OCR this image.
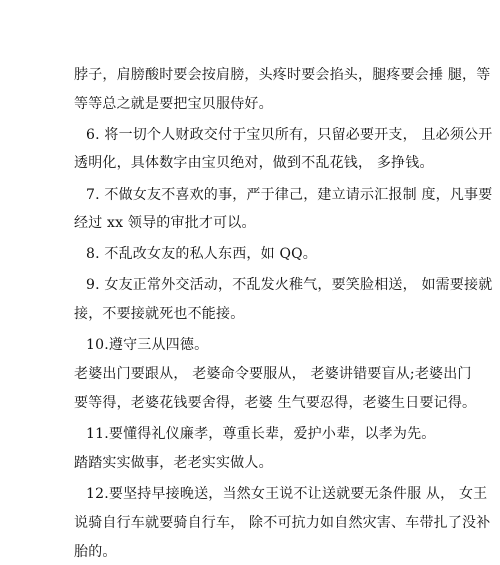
脖子，肩膀酸时要会按肩膀，头疼时要会掐头，腿疼要会捶 腿，等
等等总之就是要把宝贝服侍好。
6. 将一切个人财政交付于宝贝所有，只留必要开支， 且必须公开
透明化，具体数字由宝贝绝对，做到不乱花钱， 多挣钱。
7. 不做女友不喜欢的事，严于律己，建立请示汇报制 度，凡事要
经过 xx 领导的审批才可以。
8. 不乱改女友的私人东西，如 QQ。
9. 女友正常外交活动，不乱发火稚气，要笑脸相送， 如需要接就
接，不要接就死也不能接。
10.遵守三从四德。
老婆出门要跟从， 老婆命令要服从， 老婆讲错要盲从;老婆出门
要等得，老婆花钱要舍得，老婆 生气要忍得，老婆生日要记得。
11.要懂得礼仪廉孝，尊重长辈，爱护小辈，以孝为先。
踏踏实实做事，老老实实做人。
12.要坚持早接晚送，当然女王说不让送就要无条件服 从， 女王
说骑自行车就要骑自行车， 除不可抗力如自然灾害、车带扎了没补
胎的。
